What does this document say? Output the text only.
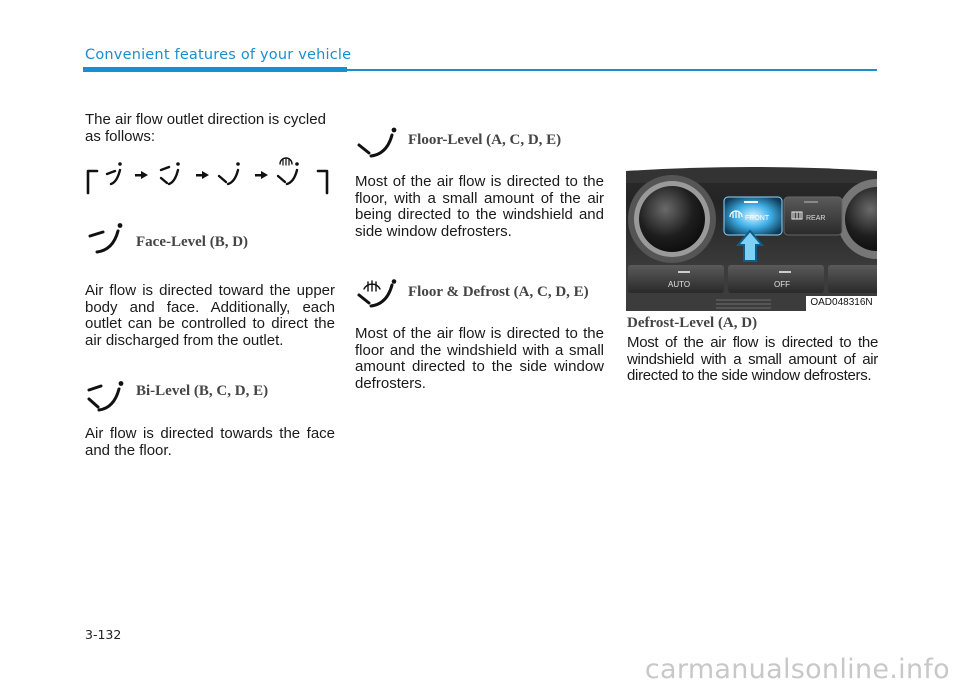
Convenient features of your vehicle

The air flow outlet direction is cycled as follows:

Face-Level (B, D)

Air flow is directed toward the upper body and face. Additionally, each outlet can be controlled to direct the air discharged from the outlet.

Bi-Level (B, C, D, E)

Air flow is directed towards the face and the floor.

Floor-Level (A, C, D, E)

Most of the air flow is directed to the floor, with a small amount of the air being directed to the windshield and side window defrosters.

Floor & Defrost (A, C, D, E)

Most of the air flow is directed to the floor and the windshield with a small amount directed to the side window defrosters.

FRONT	REAR
AUTO	OFF
OAD048316N
Defrost-Level (A, D)

Most of the air flow is directed to the windshield with a small amount of air directed to the side window defrosters.

3-132
carmanualsonline.info
